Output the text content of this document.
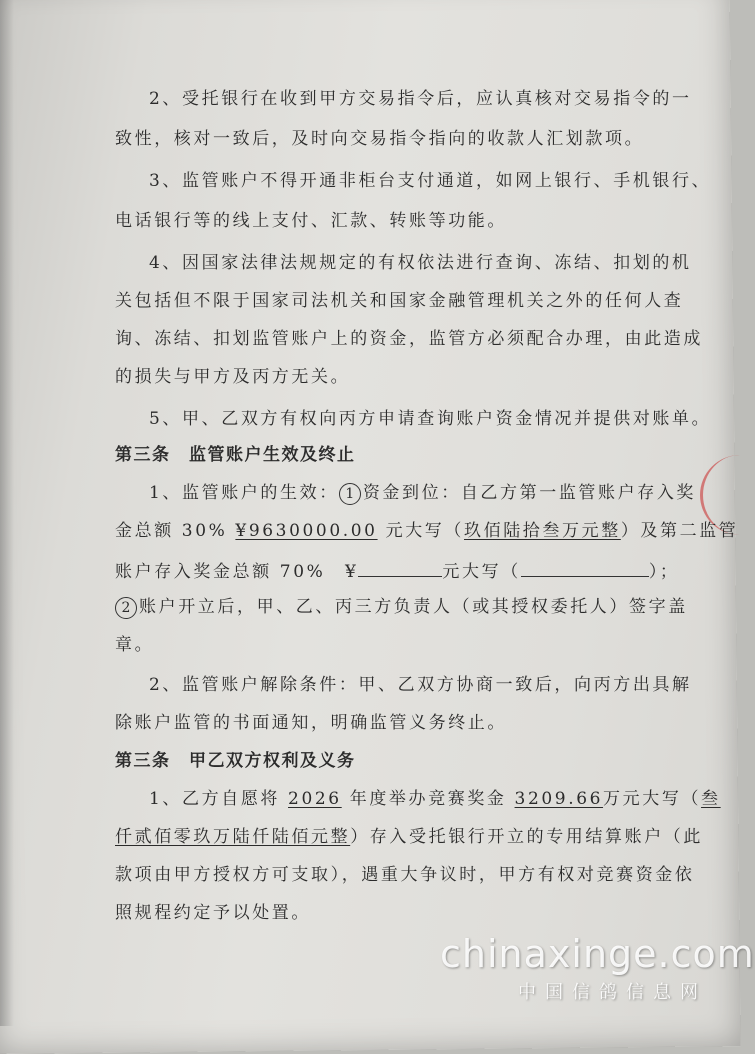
2、受托银行在收到甲方交易指令后，应认真核对交易指令的一
致性，核对一致后，及时向交易指令指向的收款人汇划款项。
3、监管账户不得开通非柜台支付通道，如网上银行、手机银行、
电话银行等的线上支付、汇款、转账等功能。
4、因国家法律法规规定的有权依法进行查询、冻结、扣划的机
关包括但不限于国家司法机关和国家金融管理机关之外的任何人查
询、冻结、扣划监管账户上的资金，监管方必须配合办理，由此造成
的损失与甲方及丙方无关。
5、甲、乙双方有权向丙方申请查询账户资金情况并提供对账单。
第三条　监管账户生效及终止
1、监管账户的生效： 1 资金到位：自乙方第一监管账户存入奖
金总额 30% ¥9630000.00 元大写（玖佰陆拾叁万元整）及第二监管
账户存入奖金总额 70%　¥	元大写（	）；
2 账户开立后，甲、乙、丙三方负责人（或其授权委托人）签字盖
章。
2、监管账户解除条件：甲、乙双方协商一致后，向丙方出具解
除账户监管的书面通知，明确监管义务终止。
第三条　甲乙双方权利及义务
1、乙方自愿将 2026 年度举办竞赛奖金 3209.66万元大写（叁
仟贰佰零玖万陆仟陆佰元整）存入受托银行开立的专用结算账户（此
款项由甲方授权方可支取），遇重大争议时，甲方有权对竞赛资金依
照规程约定予以处置。
chinaxinge.com
中国信鸽信息网
